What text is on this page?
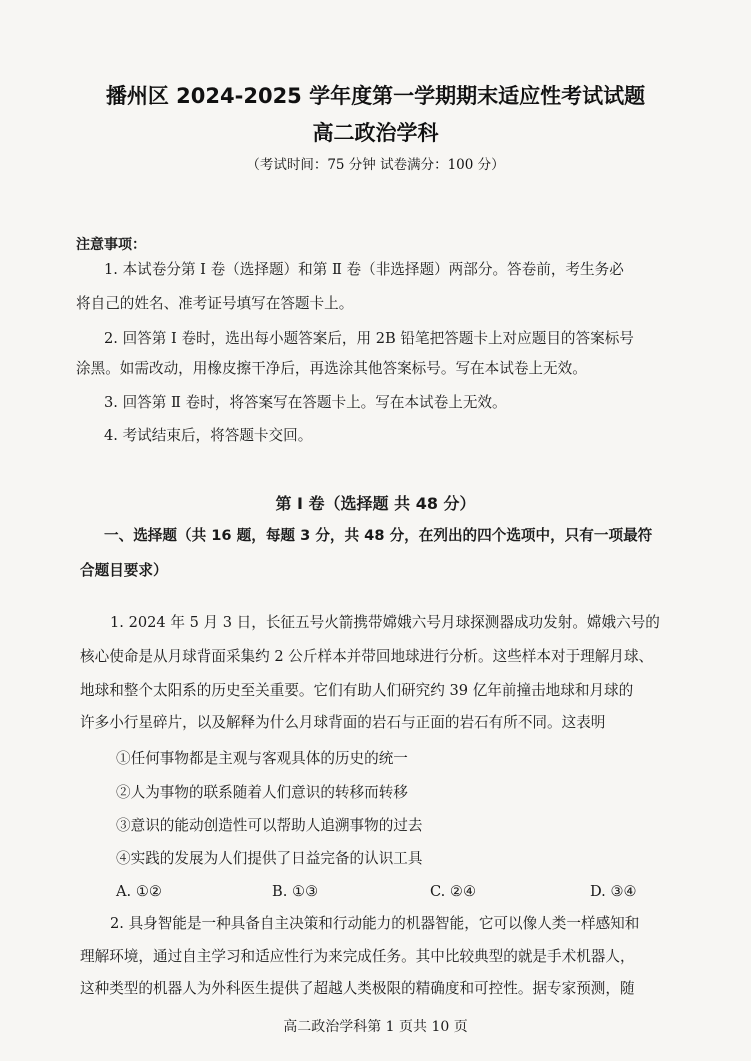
播州区 2024-2025 学年度第一学期期末适应性考试试题
高二政治学科
（考试时间：75 分钟 试卷满分：100 分）
注意事项：
1. 本试卷分第 Ⅰ 卷（选择题）和第 Ⅱ 卷（非选择题）两部分。答卷前，考生务必
将自己的姓名、准考证号填写在答题卡上。
2. 回答第 Ⅰ 卷时，选出每小题答案后，用 2B 铅笔把答题卡上对应题目的答案标号
涂黑。如需改动，用橡皮擦干净后，再选涂其他答案标号。写在本试卷上无效。
3. 回答第 Ⅱ 卷时，将答案写在答题卡上。写在本试卷上无效。
4. 考试结束后，将答题卡交回。
第 Ⅰ 卷（选择题 共 48 分）
一、选择题（共 16 题，每题 3 分，共 48 分，在列出的四个选项中，只有一项最符
合题目要求）
1. 2024 年 5 月 3 日，长征五号火箭携带嫦娥六号月球探测器成功发射。嫦娥六号的
核心使命是从月球背面采集约 2 公斤样本并带回地球进行分析。这些样本对于理解月球、
地球和整个太阳系的历史至关重要。它们有助人们研究约 39 亿年前撞击地球和月球的
许多小行星碎片，以及解释为什么月球背面的岩石与正面的岩石有所不同。这表明
①任何事物都是主观与客观具体的历史的统一
②人为事物的联系随着人们意识的转移而转移
③意识的能动创造性可以帮助人追溯事物的过去
④实践的发展为人们提供了日益完备的认识工具
A. ①②	B. ①③	C. ②④	D. ③④
2. 具身智能是一种具备自主决策和行动能力的机器智能，它可以像人类一样感知和
理解环境，通过自主学习和适应性行为来完成任务。其中比较典型的就是手术机器人，
这种类型的机器人为外科医生提供了超越人类极限的精确度和可控性。据专家预测，随
高二政治学科第 1 页共 10 页
